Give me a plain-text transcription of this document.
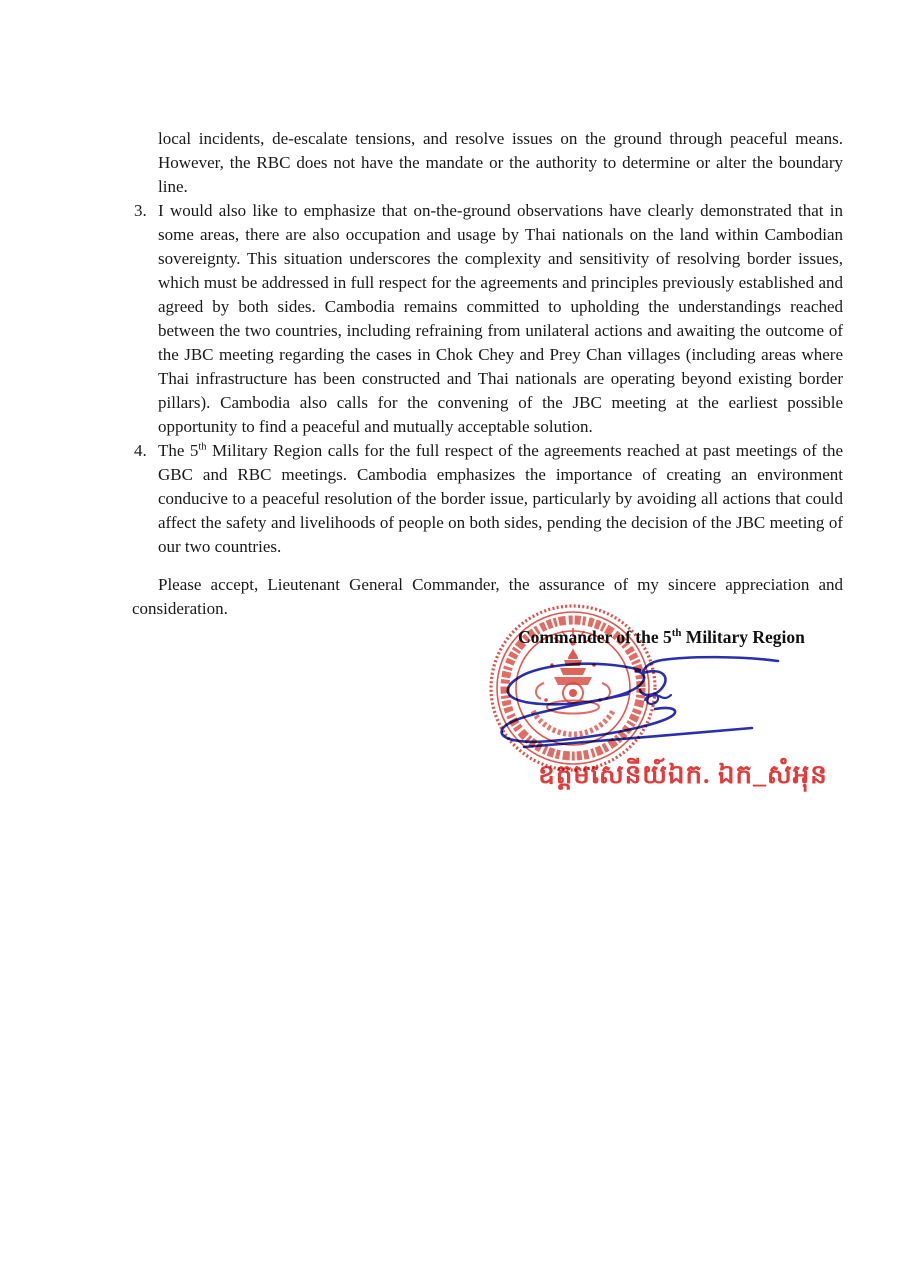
local incidents, de-escalate tensions, and resolve issues on the ground through peaceful means. However, the RBC does not have the mandate or the authority to determine or alter the boundary line.

3. I would also like to emphasize that on-the-ground observations have clearly demonstrated that in some areas, there are also occupation and usage by Thai nationals on the land within Cambodian sovereignty. This situation underscores the complexity and sensitivity of resolving border issues, which must be addressed in full respect for the agreements and principles previously established and agreed by both sides. Cambodia remains committed to upholding the understandings reached between the two countries, including refraining from unilateral actions and awaiting the outcome of the JBC meeting regarding the cases in Chok Chey and Prey Chan villages (including areas where Thai infrastructure has been constructed and Thai nationals are operating beyond existing border pillars). Cambodia also calls for the convening of the JBC meeting at the earliest possible opportunity to find a peaceful and mutually acceptable solution.
4. The 5th Military Region calls for the full respect of the agreements reached at past meetings of the GBC and RBC meetings. Cambodia emphasizes the importance of creating an environment conducive to a peaceful resolution of the border issue, particularly by avoiding all actions that could affect the safety and livelihoods of people on both sides, pending the decision of the JBC meeting of our two countries.

Please accept, Lieutenant General Commander, the assurance of my sincere appreciation and consideration.

Commander of the 5th Military Region
ឧត្តមសេនីយ៍ឯក. ឯក_សំអុន
